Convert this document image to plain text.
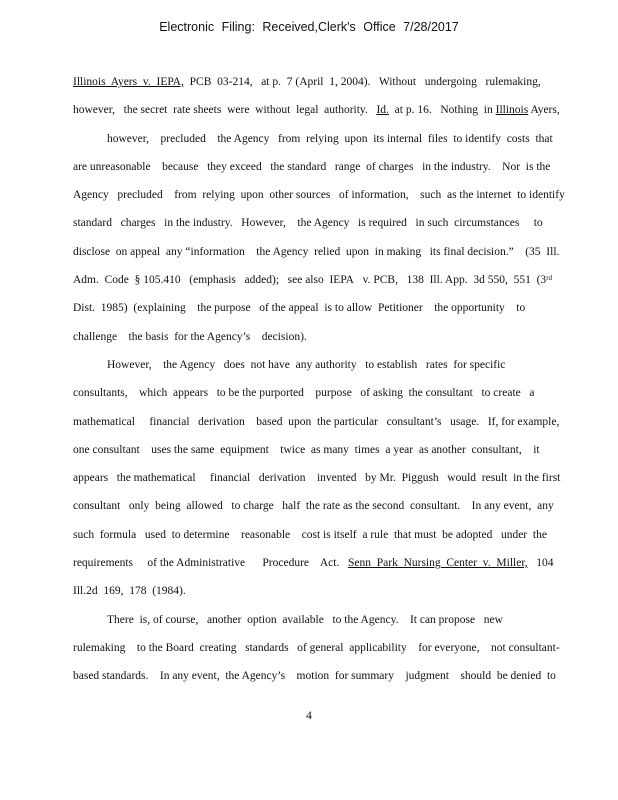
Electronic Filing: Received,Clerk's Office 7/28/2017
Illinois  Ayers  v.  IEPA,  PCB  03-214,   at p.  7 (April  1, 2004).   Without   undergoing   rulemaking,
however,   the secret  rate sheets  were  without  legal  authority.   Id.  at p. 16.   Nothing  in Illinois Ayers,
however,    precluded    the Agency   from  relying  upon  its internal  files  to identify  costs  that
are unreasonable    because   they exceed   the standard   range  of charges   in the industry.    Nor  is the
Agency   precluded    from  relying  upon  other sources   of information,    such  as the internet  to identify
standard   charges   in the industry.   However,    the Agency   is required   in such  circumstances     to
disclose  on appeal  any “information    the Agency  relied  upon  in making   its final decision.”    (35  Ill.
Adm.  Code  § 105.410   (emphasis   added);   see also  IEPA   v. PCB,   138  Ill. App.  3d 550,  551  (3ʳᵈ
Dist.  1985)  (explaining    the purpose   of the appeal  is to allow  Petitioner    the opportunity    to
challenge    the basis  for the Agency’s    decision).
However,    the Agency   does  not have  any authority   to establish   rates  for specific
consultants,    which  appears   to be the purported    purpose   of asking  the consultant   to create   a
mathematical     financial   derivation    based  upon  the particular   consultant’s   usage.   If, for example,
one consultant    uses the same  equipment    twice  as many  times  a year  as another  consultant,    it
appears   the mathematical     financial   derivation    invented   by Mr.  Piggush   would  result  in the first
consultant   only  being  allowed   to charge   half  the rate as the second  consultant.    In any event,  any
such  formula   used  to determine    reasonable    cost is itself  a rule  that must  be adopted   under  the
requirements     of the Administrative      Procedure    Act.   Senn  Park  Nursing  Center  v.  Miller,   104
Ill.2d  169,  178  (1984).
There  is, of course,   another  option  available   to the Agency.    It can propose   new
rulemaking    to the Board  creating   standards   of general  applicability    for everyone,    not consultant-
based standards.    In any event,  the Agency’s    motion  for summary    judgment    should  be denied  to
4
